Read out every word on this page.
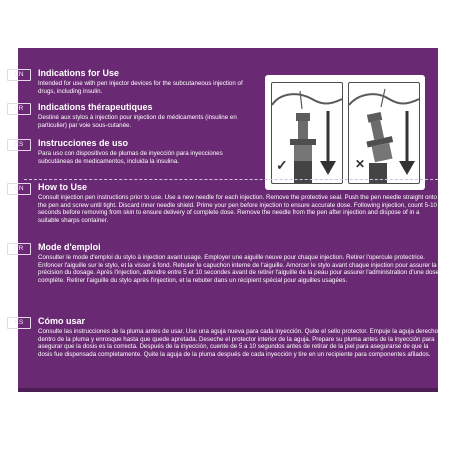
EN	Indications for Use
Intended for use with pen injector devices for the subcutaneous injection of drugs, including insulin.
FR	Indications thérapeutiques
Destiné aux stylos à injection pour injection de médicaments (insuline en particulier) par voie sous-cutanée.
ES	Instrucciones de uso
Para uso con dispositivos de plumas de inyección para inyecciones subcutáneas de medicamentos, incluida la insulina.	✓	✕
EN	How to Use
Consult injection pen instructions prior to use. Use a new needle for each injection. Remove the protective seal. Push the pen needle straight onto the pen and screw until tight. Discard inner needle shield. Prime your pen before injection to ensure accurate dose. Following injection, count 5-10 seconds before removing from skin to ensure delivery of complete dose. Remove the needle from the pen after injection and dispose of in a suitable sharps container.
FR	Mode d'emploi
Consulter le mode d'emploi du stylo à injection avant usage. Employer une aiguille neuve pour chaque injection. Retirer l'opercule protectrice. Enfoncer l'aiguille sur le stylo, et la visser à fond. Rebuter le capuchon interne de l'aiguille. Amorcer le stylo avant chaque injection pour assurer la précision du dosage. Après l'injection, attendre entre 5 et 10 secondes avant de retirer l'aiguille de la peau pour assurer l'administration d'une dose complète. Retirer l'aiguille du stylo après l'injection, et la rebuter dans un récipient spécial pour aiguilles usagées.
ES	Cómo usar
Consulte las instrucciones de la pluma antes de usar. Use una aguja nueva para cada inyección. Quite el sello protector. Empuje la aguja derecho dentro de la pluma y enrosque hasta que quede apretada. Deseche el protector interior de la aguja. Prepare su pluma antes de la inyección para asegurar que la dosis es la correcta. Después de la inyección, cuente de 5 a 10 segundos antes de retirar de la piel para asegurarse de que la dosis fue dispensada completamente. Quite la aguja de la pluma después de cada inyección y tire en un recipiente para componentes afilados.
